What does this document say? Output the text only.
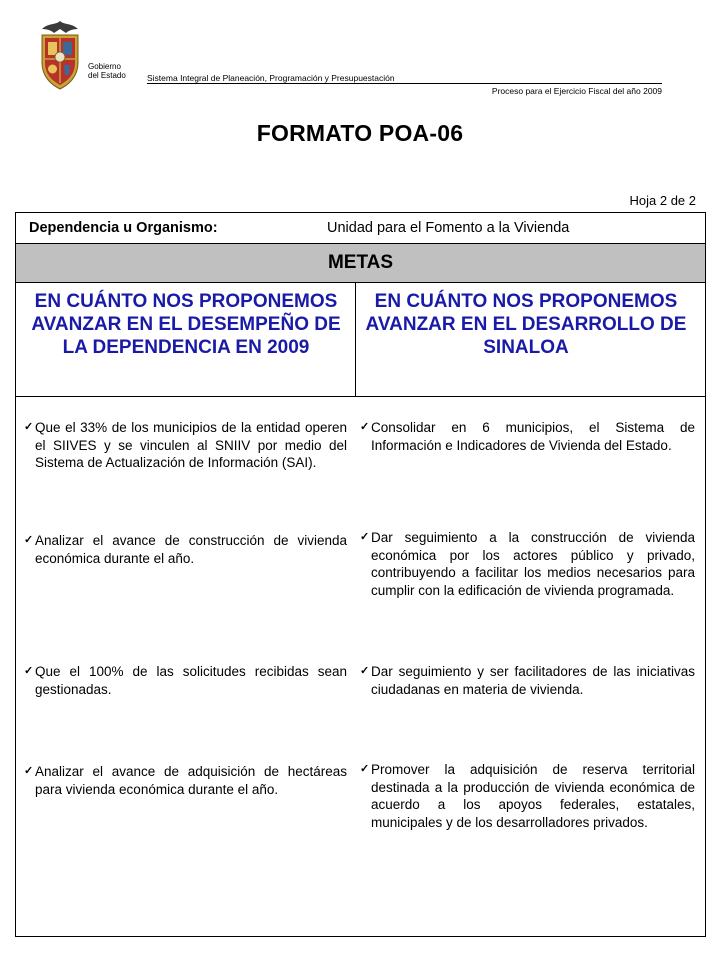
Gobierno
del Estado Sistema Integral de Planeación, Programación y Presupuestación
Proceso para el Ejercicio Fiscal del año 2009
FORMATO POA-06
Hoja 2 de 2
Dependencia u Organismo:	Unidad para el Fomento a la Vivienda
METAS
EN CUÁNTO NOS PROPONEMOS AVANZAR EN EL DESEMPEÑO DE LA DEPENDENCIA EN 2009
EN CUÁNTO NOS PROPONEMOS AVANZAR EN EL DESARROLLO DE SINALOA
✓ Que el 33% de los municipios de la entidad operen el SIIVES y se vinculen al SNIIV por medio del Sistema de Actualización de Información (SAI).
✓ Analizar el avance de construcción de vivienda económica durante el año.
✓ Que el 100% de las solicitudes recibidas sean gestionadas.
✓ Analizar el avance de adquisición de hectáreas para vivienda económica durante el año.
✓ Consolidar en 6 municipios, el Sistema de Información e Indicadores de Vivienda del Estado.
✓ Dar seguimiento a la construcción de vivienda económica por los actores público y privado, contribuyendo a facilitar los medios necesarios para cumplir con la edificación de vivienda programada.
✓ Dar seguimiento y ser facilitadores de las iniciativas ciudadanas en materia de vivienda.
✓ Promover la adquisición de reserva territorial destinada a la producción de vivienda económica de acuerdo a los apoyos federales, estatales, municipales y de los desarrolladores privados.
